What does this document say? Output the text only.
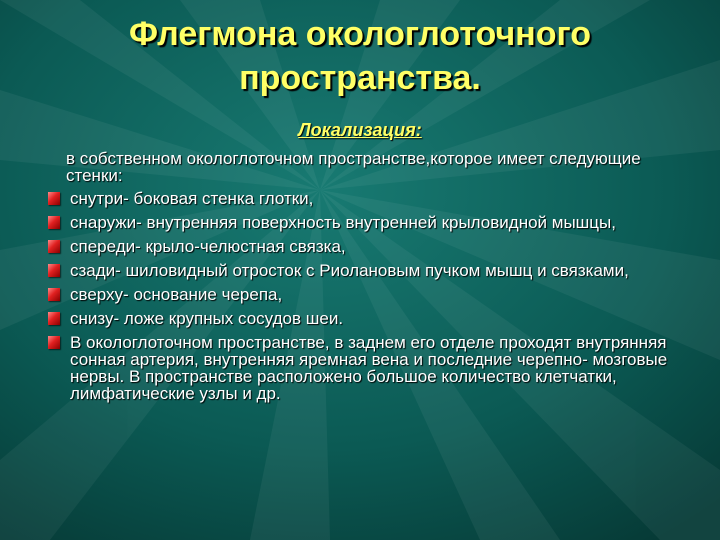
Флегмона окологлоточного
пространства.
Локализация:

в собственном окологлоточном пространстве,которое имеет следующие стенки:

снутри- боковая стенка глотки,
снаружи- внутренняя поверхность внутренней крыловидной мышцы,
спереди- крыло-челюстная связка,
сзади- шиловидный отросток с Риолановым пучком мышц и связками,
сверху- основание черепа,
снизу- ложе крупных сосудов шеи.
В окологлоточном пространстве, в заднем его отделе проходят внутрянняя сонная артерия, внутренняя яремная вена и последние черепно- мозговые нервы. В пространстве расположено большое количество клетчатки, лимфатические узлы и др.
